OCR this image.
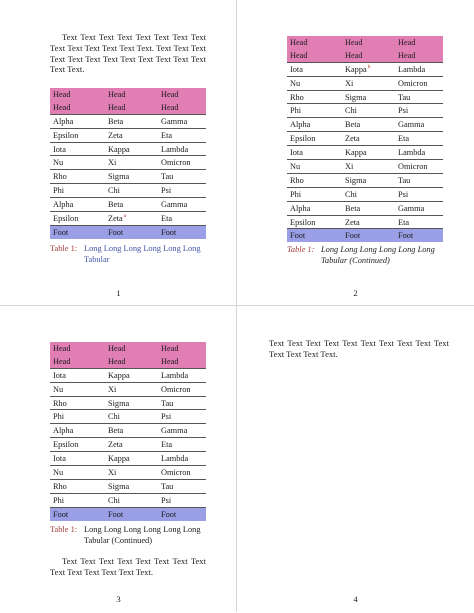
Text Text Text Text Text Text Text Text Text Text Text Text Text Text. Text Text Text Text Text Text Text Text Text Text Text Text Text Text.
Head	Head	Head
Head	Head	Head
Alpha	Beta	Gamma
Epsilon	Zeta	Eta
Iota	Kappa	Lambda
Nu	Xi	Omicron
Rho	Sigma	Tau
Phi	Chi	Psi
Alpha	Beta	Gamma
Epsilon	Zeta$^a$	Eta
Foot	Foot	Foot
Table 1: Long Long Long Long Long Long Tabular
1
Head	Head	Head
Head	Head	Head
Iota	Kappa$^b$	Lambda
Nu	Xi	Omicron
Rho	Sigma	Tau
Phi	Chi	Psi
Alpha	Beta	Gamma
Epsilon	Zeta	Eta
Iota	Kappa	Lambda
Nu	Xi	Omicron
Rho	Sigma	Tau
Phi	Chi	Psi
Alpha	Beta	Gamma
Epsilon	Zeta	Eta
Foot	Foot	Foot
Table 1: Long Long Long Long Long Long Tabular (Continued)
2
Head	Head	Head
Head	Head	Head
Iota	Kappa	Lambda
Nu	Xi	Omicron
Rho	Sigma	Tau
Phi	Chi	Psi
Alpha	Beta	Gamma
Epsilon	Zeta	Eta
Iota	Kappa	Lambda
Nu	Xi	Omicron
Rho	Sigma	Tau
Phi	Chi	Psi
Foot	Foot	Foot
Table 1: Long Long Long Long Long Long Tabular (Continued)
Text Text Text Text Text Text Text Text Text Text Text Text Text Text.
3
Text Text Text Text Text Text Text Text Text Text Text Text Text Text.
4
